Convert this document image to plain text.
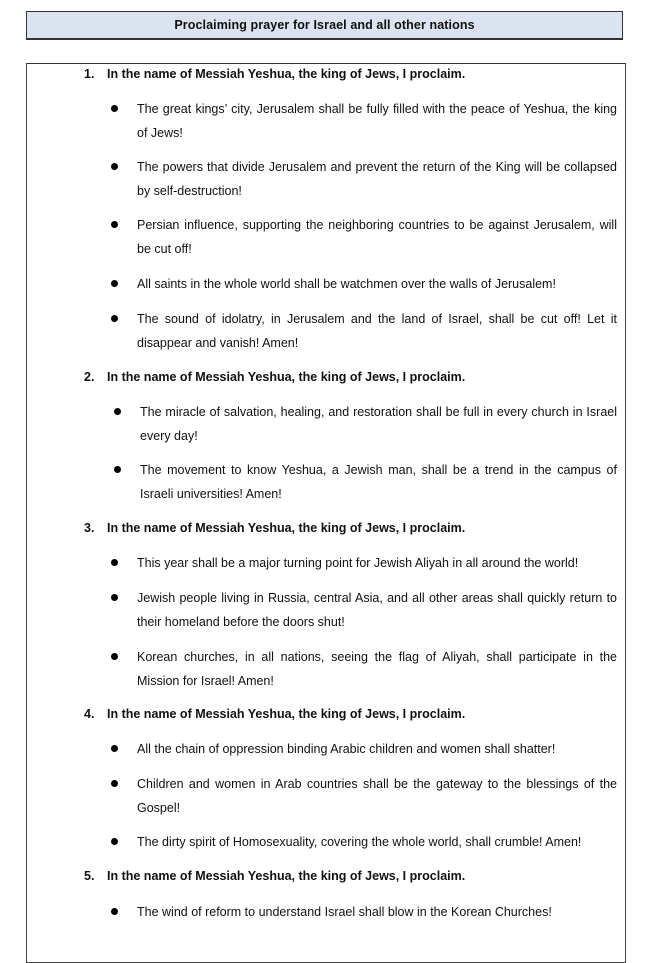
Proclaiming prayer for Israel and all other nations
1. In the name of Messiah Yeshua, the king of Jews, I proclaim.
The great kings’ city, Jerusalem shall be fully filled with the peace of Yeshua, the king of Jews!
The powers that divide Jerusalem and prevent the return of the King will be collapsed by self-destruction!
Persian influence, supporting the neighboring countries to be against Jerusalem, will be cut off!
All saints in the whole world shall be watchmen over the walls of Jerusalem!
The sound of idolatry, in Jerusalem and the land of Israel, shall be cut off! Let it disappear and vanish! Amen!
2. In the name of Messiah Yeshua, the king of Jews, I proclaim.
The miracle of salvation, healing, and restoration shall be full in every church in Israel every day!
The movement to know Yeshua, a Jewish man, shall be a trend in the campus of Israeli universities! Amen!
3. In the name of Messiah Yeshua, the king of Jews, I proclaim.
This year shall be a major turning point for Jewish Aliyah in all around the world!
Jewish people living in Russia, central Asia, and all other areas shall quickly return to their homeland before the doors shut!
Korean churches, in all nations, seeing the flag of Aliyah, shall participate in the Mission for Israel! Amen!
4. In the name of Messiah Yeshua, the king of Jews, I proclaim.
All the chain of oppression binding Arabic children and women shall shatter!
Children and women in Arab countries shall be the gateway to the blessings of the Gospel!
The dirty spirit of Homosexuality, covering the whole world, shall crumble! Amen!
5. In the name of Messiah Yeshua, the king of Jews, I proclaim.
The wind of reform to understand Israel shall blow in the Korean Churches!
